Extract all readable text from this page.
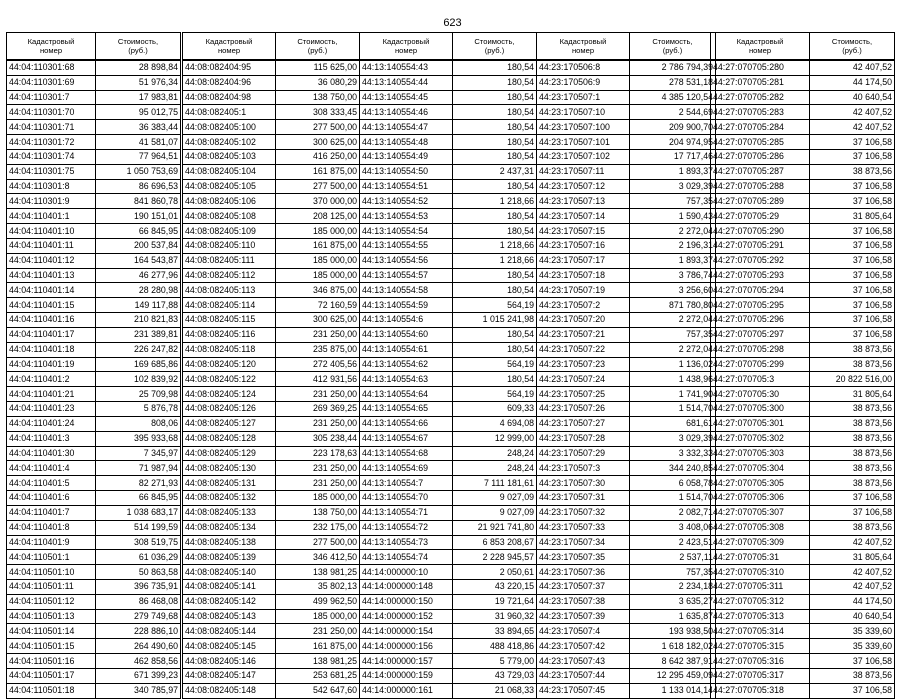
623
Кадастровый
номер	Стоимость,
(руб.)
44:04:110301:68	28 898,84
44:04:110301:69	51 976,34
44:04:110301:7	17 983,81
44:04:110301:70	95 012,75
44:04:110301:71	36 383,44
44:04:110301:72	41 581,07
44:04:110301:74	77 964,51
44:04:110301:75	1 050 753,69
44:04:110301:8	86 696,53
44:04:110301:9	841 860,78
44:04:110401:1	190 151,01
44:04:110401:10	66 845,95
44:04:110401:11	200 537,84
44:04:110401:12	164 543,87
44:04:110401:13	46 277,96
44:04:110401:14	28 280,98
44:04:110401:15	149 117,88
44:04:110401:16	210 821,83
44:04:110401:17	231 389,81
44:04:110401:18	226 247,82
44:04:110401:19	169 685,86
44:04:110401:2	102 839,92
44:04:110401:21	25 709,98
44:04:110401:23	5 876,78
44:04:110401:24	808,06
44:04:110401:3	395 933,68
44:04:110401:30	7 345,97
44:04:110401:4	71 987,94
44:04:110401:5	82 271,93
44:04:110401:6	66 845,95
44:04:110401:7	1 038 683,17
44:04:110401:8	514 199,59
44:04:110401:9	308 519,75
44:04:110501:1	61 036,29
44:04:110501:10	50 863,58
44:04:110501:11	396 735,91
44:04:110501:12	86 468,08
44:04:110501:13	279 749,68
44:04:110501:14	228 886,10
44:04:110501:15	264 490,60
44:04:110501:16	462 858,56
44:04:110501:17	671 399,23
44:04:110501:18	340 785,97
Кадастровый
номер	Стоимость,
(руб.)
44:08:082404:95	115 625,00
44:08:082404:96	36 080,29
44:08:082404:98	138 750,00
44:08:082405:1	308 333,45
44:08:082405:100	277 500,00
44:08:082405:102	300 625,00
44:08:082405:103	416 250,00
44:08:082405:104	161 875,00
44:08:082405:105	277 500,00
44:08:082405:106	370 000,00
44:08:082405:108	208 125,00
44:08:082405:109	185 000,00
44:08:082405:110	161 875,00
44:08:082405:111	185 000,00
44:08:082405:112	185 000,00
44:08:082405:113	346 875,00
44:08:082405:114	72 160,59
44:08:082405:115	300 625,00
44:08:082405:116	231 250,00
44:08:082405:118	235 875,00
44:08:082405:120	272 405,56
44:08:082405:122	412 931,56
44:08:082405:124	231 250,00
44:08:082405:126	269 369,25
44:08:082405:127	231 250,00
44:08:082405:128	305 238,44
44:08:082405:129	223 178,63
44:08:082405:130	231 250,00
44:08:082405:131	231 250,00
44:08:082405:132	185 000,00
44:08:082405:133	138 750,00
44:08:082405:134	232 175,00
44:08:082405:138	277 500,00
44:08:082405:139	346 412,50
44:08:082405:140	138 981,25
44:08:082405:141	35 802,13
44:08:082405:142	499 962,50
44:08:082405:143	185 000,00
44:08:082405:144	231 250,00
44:08:082405:145	161 875,00
44:08:082405:146	138 981,25
44:08:082405:147	253 681,25
44:08:082405:148	542 647,60
Кадастровый
номер	Стоимость,
(руб.)
44:13:140554:43	180,54
44:13:140554:44	180,54
44:13:140554:45	180,54
44:13:140554:46	180,54
44:13:140554:47	180,54
44:13:140554:48	180,54
44:13:140554:49	180,54
44:13:140554:50	2 437,31
44:13:140554:51	180,54
44:13:140554:52	1 218,66
44:13:140554:53	180,54
44:13:140554:54	180,54
44:13:140554:55	1 218,66
44:13:140554:56	1 218,66
44:13:140554:57	180,54
44:13:140554:58	180,54
44:13:140554:59	564,19
44:13:140554:6	1 015 241,98
44:13:140554:60	180,54
44:13:140554:61	180,54
44:13:140554:62	564,19
44:13:140554:63	180,54
44:13:140554:64	564,19
44:13:140554:65	609,33
44:13:140554:66	4 694,08
44:13:140554:67	12 999,00
44:13:140554:68	248,24
44:13:140554:69	248,24
44:13:140554:7	7 111 181,61
44:13:140554:70	9 027,09
44:13:140554:71	9 027,09
44:13:140554:72	21 921 741,80
44:13:140554:73	6 853 208,67
44:13:140554:74	2 228 945,57
44:14:000000:10	2 050,61
44:14:000000:148	43 220,15
44:14:000000:150	19 721,64
44:14:000000:152	31 960,32
44:14:000000:154	33 894,65
44:14:000000:156	488 418,86
44:14:000000:157	5 779,00
44:14:000000:159	43 729,03
44:14:000000:161	21 068,33
Кадастровый
номер	Стоимость,
(руб.)
44:23:170506:8	2 786 794,39
44:23:170506:9	278 531,18
44:23:170507:1	4 385 120,54
44:23:170507:10	2 544,69
44:23:170507:100	209 900,70
44:23:170507:101	204 974,95
44:23:170507:102	17 717,46
44:23:170507:11	1 893,37
44:23:170507:12	3 029,39
44:23:170507:13	757,35
44:23:170507:14	1 590,43
44:23:170507:15	2 272,04
44:23:170507:16	2 196,31
44:23:170507:17	1 893,37
44:23:170507:18	3 786,74
44:23:170507:19	3 256,60
44:23:170507:2	871 780,80
44:23:170507:20	2 272,04
44:23:170507:21	757,35
44:23:170507:22	2 272,04
44:23:170507:23	1 136,02
44:23:170507:24	1 438,96
44:23:170507:25	1 741,90
44:23:170507:26	1 514,70
44:23:170507:27	681,61
44:23:170507:28	3 029,39
44:23:170507:29	3 332,33
44:23:170507:3	344 240,85
44:23:170507:30	6 058,78
44:23:170507:31	1 514,70
44:23:170507:32	2 082,71
44:23:170507:33	3 408,06
44:23:170507:34	2 423,51
44:23:170507:35	2 537,11
44:23:170507:36	757,35
44:23:170507:37	2 234,18
44:23:170507:38	3 635,27
44:23:170507:39	1 635,87
44:23:170507:4	193 938,50
44:23:170507:42	1 618 182,02
44:23:170507:43	8 642 387,91
44:23:170507:44	12 295 459,09
44:23:170507:45	1 133 014,14
Кадастровый
номер	Стоимость,
(руб.)
44:27:070705:280	42 407,52
44:27:070705:281	44 174,50
44:27:070705:282	40 640,54
44:27:070705:283	42 407,52
44:27:070705:284	42 407,52
44:27:070705:285	37 106,58
44:27:070705:286	37 106,58
44:27:070705:287	38 873,56
44:27:070705:288	37 106,58
44:27:070705:289	37 106,58
44:27:070705:29	31 805,64
44:27:070705:290	37 106,58
44:27:070705:291	37 106,58
44:27:070705:292	37 106,58
44:27:070705:293	37 106,58
44:27:070705:294	37 106,58
44:27:070705:295	37 106,58
44:27:070705:296	37 106,58
44:27:070705:297	37 106,58
44:27:070705:298	38 873,56
44:27:070705:299	38 873,56
44:27:070705:3	20 822 516,00
44:27:070705:30	31 805,64
44:27:070705:300	38 873,56
44:27:070705:301	38 873,56
44:27:070705:302	38 873,56
44:27:070705:303	38 873,56
44:27:070705:304	38 873,56
44:27:070705:305	38 873,56
44:27:070705:306	37 106,58
44:27:070705:307	37 106,58
44:27:070705:308	38 873,56
44:27:070705:309	42 407,52
44:27:070705:31	31 805,64
44:27:070705:310	42 407,52
44:27:070705:311	42 407,52
44:27:070705:312	44 174,50
44:27:070705:313	40 640,54
44:27:070705:314	35 339,60
44:27:070705:315	35 339,60
44:27:070705:316	37 106,58
44:27:070705:317	38 873,56
44:27:070705:318	37 106,58
